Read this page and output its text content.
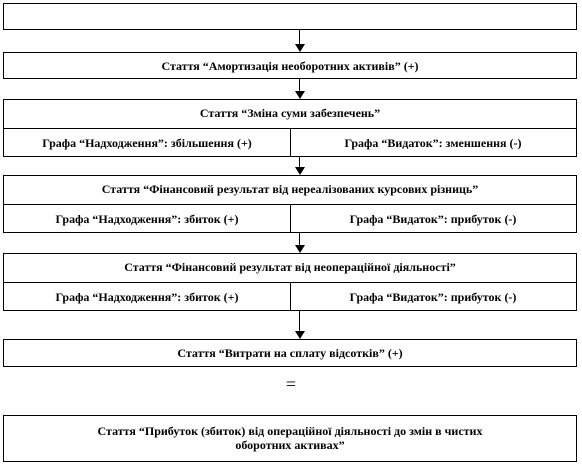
Стаття “Амортизація необоротних активів” (+)
Стаття “Зміна суми забезпечень”
Графа “Надходження”: збільшення (+)	Графа “Видаток”: зменшення (-)
Стаття “Фінансовий результат від нереалізованих курсових різниць”
Графа “Надходження”: збиток (+)	Графа “Видаток”: прибуток (-)
Стаття “Фінансовий результат від неопераційної діяльності”
Графа “Надходження”: збиток (+)	Графа “Видаток”: прибуток (-)
Стаття “Витрати на сплату відсотків” (+)
=
Стаття “Прибуток (збиток) від операційної діяльності до змін в чистих
оборотних активах”
